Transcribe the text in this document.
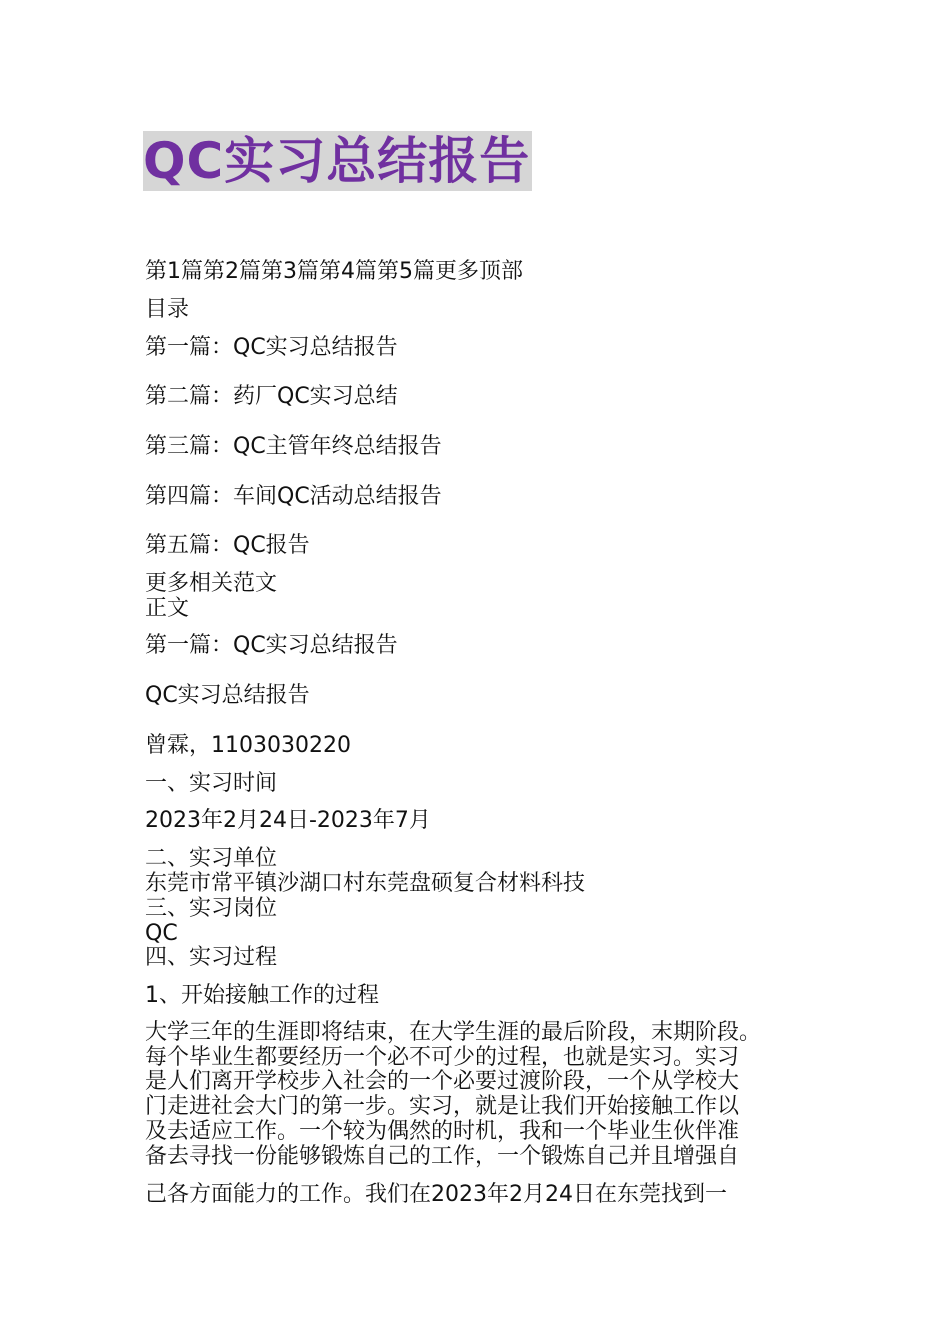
QC实习总结报告
第1篇第2篇第3篇第4篇第5篇更多顶部
目录
第一篇：QC实习总结报告
第二篇：药厂QC实习总结
第三篇：QC主管年终总结报告
第四篇：车间QC活动总结报告
第五篇：QC报告
更多相关范文
正文
第一篇：QC实习总结报告
QC实习总结报告
曾霖，1103030220
一、实习时间
2023年2月24日-2023年7月
二、实习单位
东莞市常平镇沙湖口村东莞盘硕复合材料科技
三、实习岗位
QC
四、实习过程
1、开始接触工作的过程
大学三年的生涯即将结束，在大学生涯的最后阶段，末期阶段。
每个毕业生都要经历一个必不可少的过程，也就是实习。实习
是人们离开学校步入社会的一个必要过渡阶段，一个从学校大
门走进社会大门的第一步。实习，就是让我们开始接触工作以
及去适应工作。一个较为偶然的时机，我和一个毕业生伙伴准
备去寻找一份能够锻炼自己的工作，一个锻炼自己并且增强自
己各方面能力的工作。我们在2023年2月24日在东莞找到一
